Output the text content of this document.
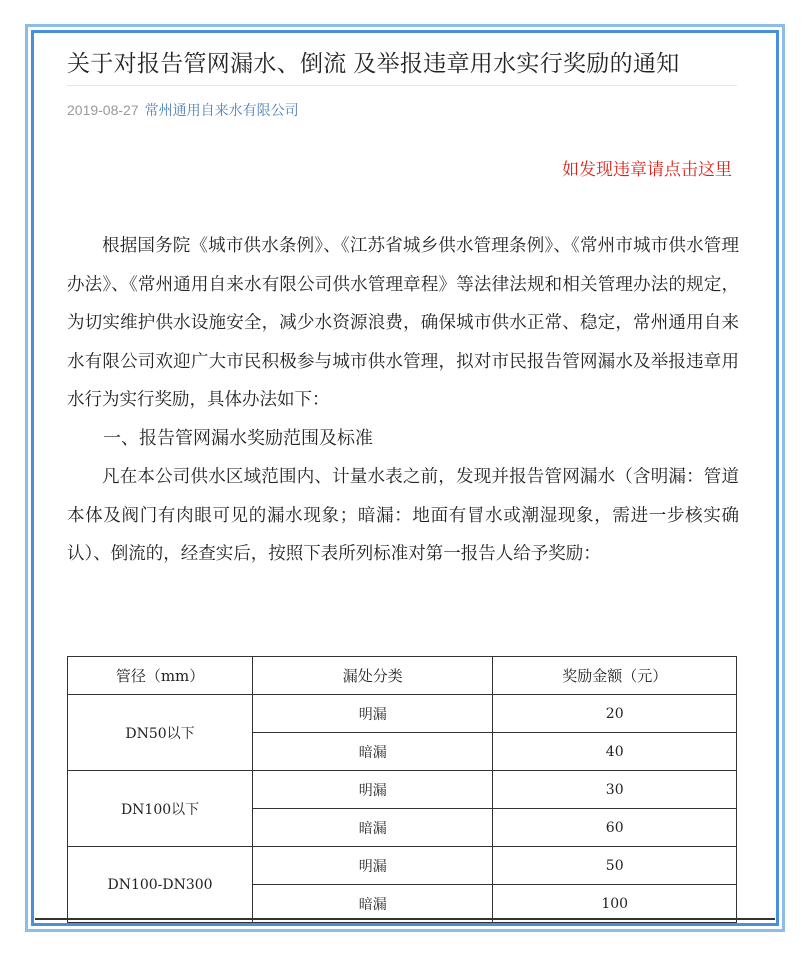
关于对报告管网漏水、倒流 及举报违章用水实行奖励的通知
2019-08-27 常州通用自来水有限公司
如发现违章请点击这里

根据国务院《城市供水条例》、《江苏省城乡供水管理条例》、《常州市城市供水管理办法》、《常州通用自来水有限公司供水管理章程》等法律法规和相关管理办法的规定，为切实维护供水设施安全，减少水资源浪费，确保城市供水正常、稳定，常州通用自来水有限公司欢迎广大市民积极参与城市供水管理，拟对市民报告管网漏水及举报违章用水行为实行奖励，具体办法如下：

一、报告管网漏水奖励范围及标准

凡在本公司供水区域范围内、计量水表之前，发现并报告管网漏水（含明漏：管道本体及阀门有肉眼可见的漏水现象；暗漏：地面有冒水或潮湿现象，需进一步核实确认）、倒流的，经查实后，按照下表所列标准对第一报告人给予奖励：

管径（mm）	漏处分类	奖励金额（元）
DN50以下	明漏	20
	暗漏	40
DN100以下	明漏	30
	暗漏	60
DN100-DN300	明漏	50
	暗漏	100
